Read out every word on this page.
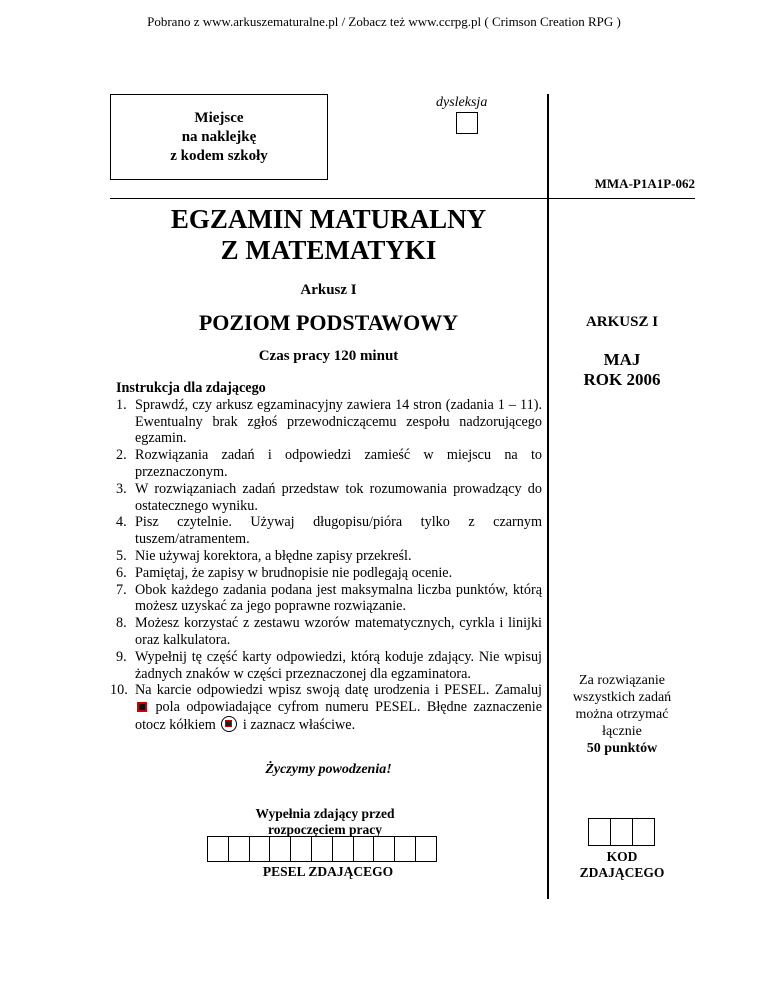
Pobrano z www.arkuszematuralne.pl / Zobacz też www.ccrpg.pl ( Crimson Creation RPG )
Miejsce
na naklejkę
z kodem szkoły
dysleksja
MMA-P1A1P-062
EGZAMIN MATURALNY
Z MATEMATYKI
Arkusz I
POZIOM PODSTAWOWY
Czas pracy 120 minut
Instrukcja dla zdającego
1. Sprawdź, czy arkusz egzaminacyjny zawiera 14 stron (zadania 1 – 11). Ewentualny brak zgłoś przewodniczącemu zespołu nadzorującego egzamin.
2. Rozwiązania zadań i odpowiedzi zamieść w miejscu na to przeznaczonym.
3. W rozwiązaniach zadań przedstaw tok rozumowania prowadzący do ostatecznego wyniku.
4. Pisz czytelnie. Używaj długopisu/pióra tylko z czarnym tuszem/atramentem.
5. Nie używaj korektora, a błędne zapisy przekreśl.
6. Pamiętaj, że zapisy w brudnopisie nie podlegają ocenie.
7. Obok każdego zadania podana jest maksymalna liczba punktów, którą możesz uzyskać za jego poprawne rozwiązanie.
8. Możesz korzystać z zestawu wzorów matematycznych, cyrkla i linijki oraz kalkulatora.
9. Wypełnij tę część karty odpowiedzi, którą koduje zdający. Nie wpisuj żadnych znaków w części przeznaczonej dla egzaminatora.
10. Na karcie odpowiedzi wpisz swoją datę urodzenia i PESEL. Zamaluj  pola odpowiadające cyfrom numeru PESEL. Błędne zaznaczenie otocz kółkiem i zaznacz właściwe.
Życzymy powodzenia!
Wypełnia zdający przed
rozpoczęciem pracy
PESEL ZDAJĄCEGO
ARKUSZ I
MAJ
ROK 2006
Za rozwiązanie
wszystkich zadań
można otrzymać
łącznie
50 punktów
KOD
ZDAJĄCEGO
